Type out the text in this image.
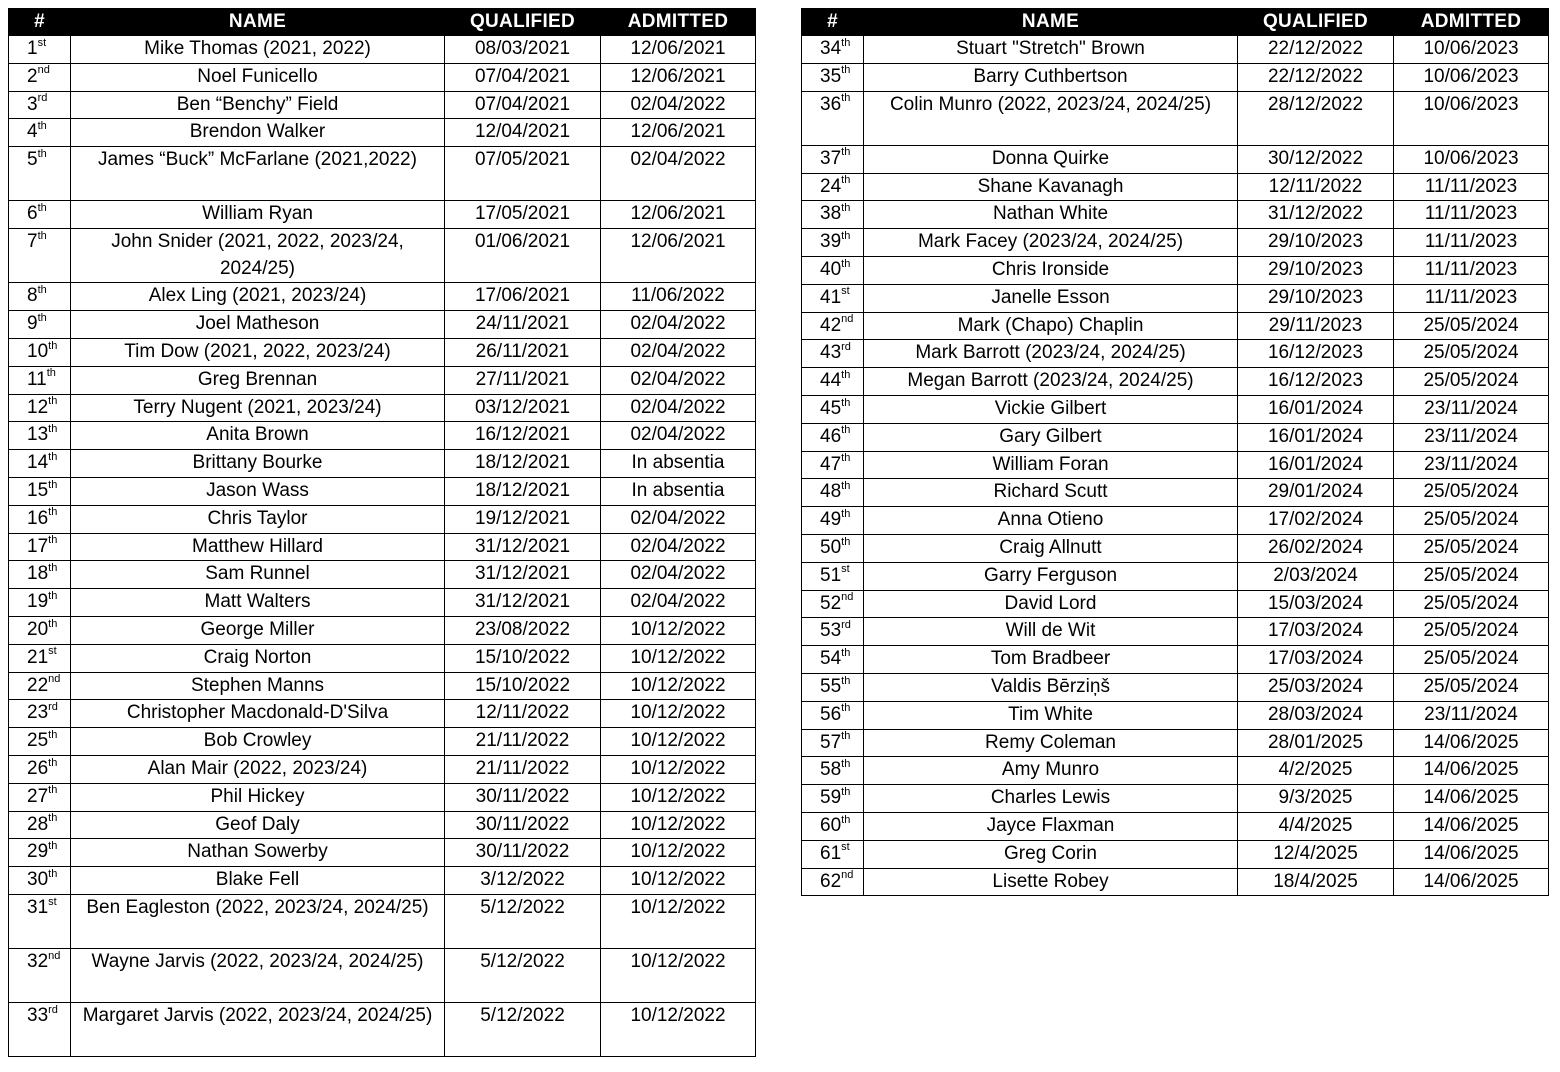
#	NAME	QUALIFIED	ADMITTED
1st	Mike Thomas (2021, 2022)	08/03/2021	12/06/2021
2nd	Noel Funicello	07/04/2021	12/06/2021
3rd	Ben “Benchy” Field	07/04/2021	02/04/2022
4th	Brendon Walker	12/04/2021	12/06/2021
5th	James “Buck” McFarlane (2021,2022)	07/05/2021	02/04/2022
6th	William Ryan	17/05/2021	12/06/2021
7th	John Snider (2021, 2022, 2023/24, 2024/25)	01/06/2021	12/06/2021
8th	Alex Ling (2021, 2023/24)	17/06/2021	11/06/2022
9th	Joel Matheson	24/11/2021	02/04/2022
10th	Tim Dow (2021, 2022, 2023/24)	26/11/2021	02/04/2022
11th	Greg Brennan	27/11/2021	02/04/2022
12th	Terry Nugent (2021, 2023/24)	03/12/2021	02/04/2022
13th	Anita Brown	16/12/2021	02/04/2022
14th	Brittany Bourke	18/12/2021	In absentia
15th	Jason Wass	18/12/2021	In absentia
16th	Chris Taylor	19/12/2021	02/04/2022
17th	Matthew Hillard	31/12/2021	02/04/2022
18th	Sam Runnel	31/12/2021	02/04/2022
19th	Matt Walters	31/12/2021	02/04/2022
20th	George Miller	23/08/2022	10/12/2022
21st	Craig Norton	15/10/2022	10/12/2022
22nd	Stephen Manns	15/10/2022	10/12/2022
23rd	Christopher Macdonald-D'Silva	12/11/2022	10/12/2022
25th	Bob Crowley	21/11/2022	10/12/2022
26th	Alan Mair (2022, 2023/24)	21/11/2022	10/12/2022
27th	Phil Hickey	30/11/2022	10/12/2022
28th	Geof Daly	30/11/2022	10/12/2022
29th	Nathan Sowerby	30/11/2022	10/12/2022
30th	Blake Fell	3/12/2022	10/12/2022
31st	Ben Eagleston (2022, 2023/24, 2024/25)	5/12/2022	10/12/2022
32nd	Wayne Jarvis (2022, 2023/24, 2024/25)	5/12/2022	10/12/2022
33rd	Margaret Jarvis (2022, 2023/24, 2024/25)	5/12/2022	10/12/2022
#	NAME	QUALIFIED	ADMITTED
34th	Stuart "Stretch" Brown	22/12/2022	10/06/2023
35th	Barry Cuthbertson	22/12/2022	10/06/2023
36th	Colin Munro (2022, 2023/24, 2024/25)	28/12/2022	10/06/2023
37th	Donna Quirke	30/12/2022	10/06/2023
24th	Shane Kavanagh	12/11/2022	11/11/2023
38th	Nathan White	31/12/2022	11/11/2023
39th	Mark Facey (2023/24, 2024/25)	29/10/2023	11/11/2023
40th	Chris Ironside	29/10/2023	11/11/2023
41st	Janelle Esson	29/10/2023	11/11/2023
42nd	Mark (Chapo) Chaplin	29/11/2023	25/05/2024
43rd	Mark Barrott (2023/24, 2024/25)	16/12/2023	25/05/2024
44th	Megan Barrott (2023/24, 2024/25)	16/12/2023	25/05/2024
45th	Vickie Gilbert	16/01/2024	23/11/2024
46th	Gary Gilbert	16/01/2024	23/11/2024
47th	William Foran	16/01/2024	23/11/2024
48th	Richard Scutt	29/01/2024	25/05/2024
49th	Anna Otieno	17/02/2024	25/05/2024
50th	Craig Allnutt	26/02/2024	25/05/2024
51st	Garry Ferguson	2/03/2024	25/05/2024
52nd	David Lord	15/03/2024	25/05/2024
53rd	Will de Wit	17/03/2024	25/05/2024
54th	Tom Bradbeer	17/03/2024	25/05/2024
55th	Valdis Bērziņš	25/03/2024	25/05/2024
56th	Tim White	28/03/2024	23/11/2024
57th	Remy Coleman	28/01/2025	14/06/2025
58th	Amy Munro	4/2/2025	14/06/2025
59th	Charles Lewis	9/3/2025	14/06/2025
60th	Jayce Flaxman	4/4/2025	14/06/2025
61st	Greg Corin	12/4/2025	14/06/2025
62nd	Lisette Robey	18/4/2025	14/06/2025
